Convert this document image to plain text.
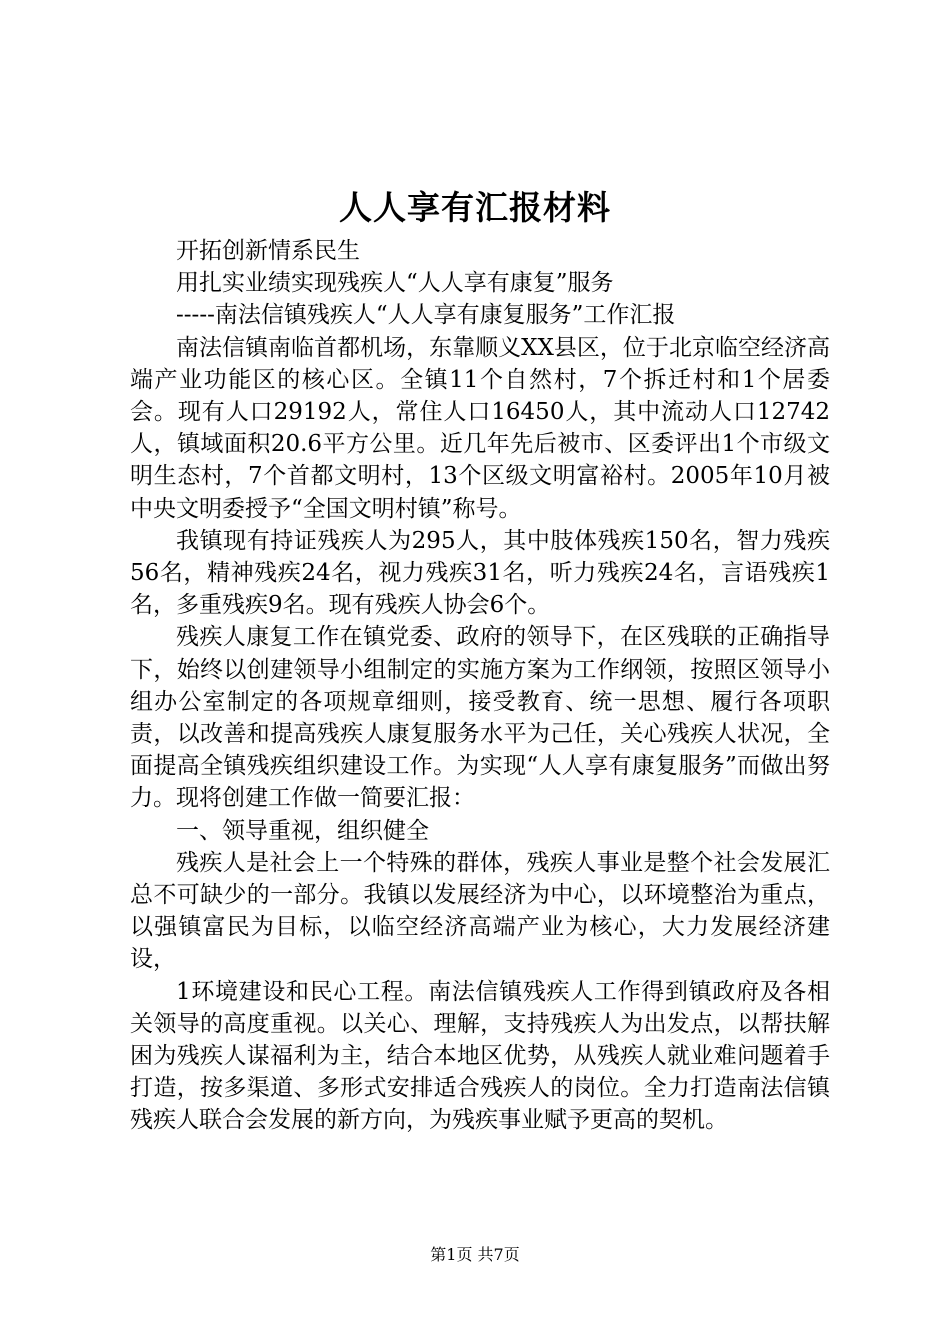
人人享有汇报材料

开拓创新情系民生

用扎实业绩实现残疾人“人人享有康复”服务

-----南法信镇残疾人“人人享有康复服务”工作汇报

南法信镇南临首都机场，东靠顺义XX县区，位于北京临空经济高端产业功能区的核心区。全镇11个自然村，7个拆迁村和1个居委会。现有人口29192人，常住人口16450人，其中流动人口12742人，镇域面积20.6平方公里。近几年先后被市、区委评出1个市级文明生态村，7个首都文明村，13个区级文明富裕村。2005年10月被中央文明委授予“全国文明村镇”称号。

我镇现有持证残疾人为295人，其中肢体残疾150名，智力残疾56名，精神残疾24名，视力残疾31名，听力残疾24名，言语残疾1名，多重残疾9名。现有残疾人协会6个。

残疾人康复工作在镇党委、政府的领导下，在区残联的正确指导下，始终以创建领导小组制定的实施方案为工作纲领，按照区领导小组办公室制定的各项规章细则，接受教育、统一思想、履行各项职责，以改善和提高残疾人康复服务水平为己任，关心残疾人状况，全面提高全镇残疾组织建设工作。为实现“人人享有康复服务”而做出努力。现将创建工作做一简要汇报：

一、领导重视，组织健全

残疾人是社会上一个特殊的群体，残疾人事业是整个社会发展汇总不可缺少的一部分。我镇以发展经济为中心，以环境整治为重点，以强镇富民为目标，以临空经济高端产业为核心，大力发展经济建设，

1环境建设和民心工程。南法信镇残疾人工作得到镇政府及各相关领导的高度重视。以关心、理解，支持残疾人为出发点，以帮扶解困为残疾人谋福利为主，结合本地区优势，从残疾人就业难问题着手打造，按多渠道、多形式安排适合残疾人的岗位。全力打造南法信镇残疾人联合会发展的新方向，为残疾事业赋予更高的契机。

第1页 共7页
